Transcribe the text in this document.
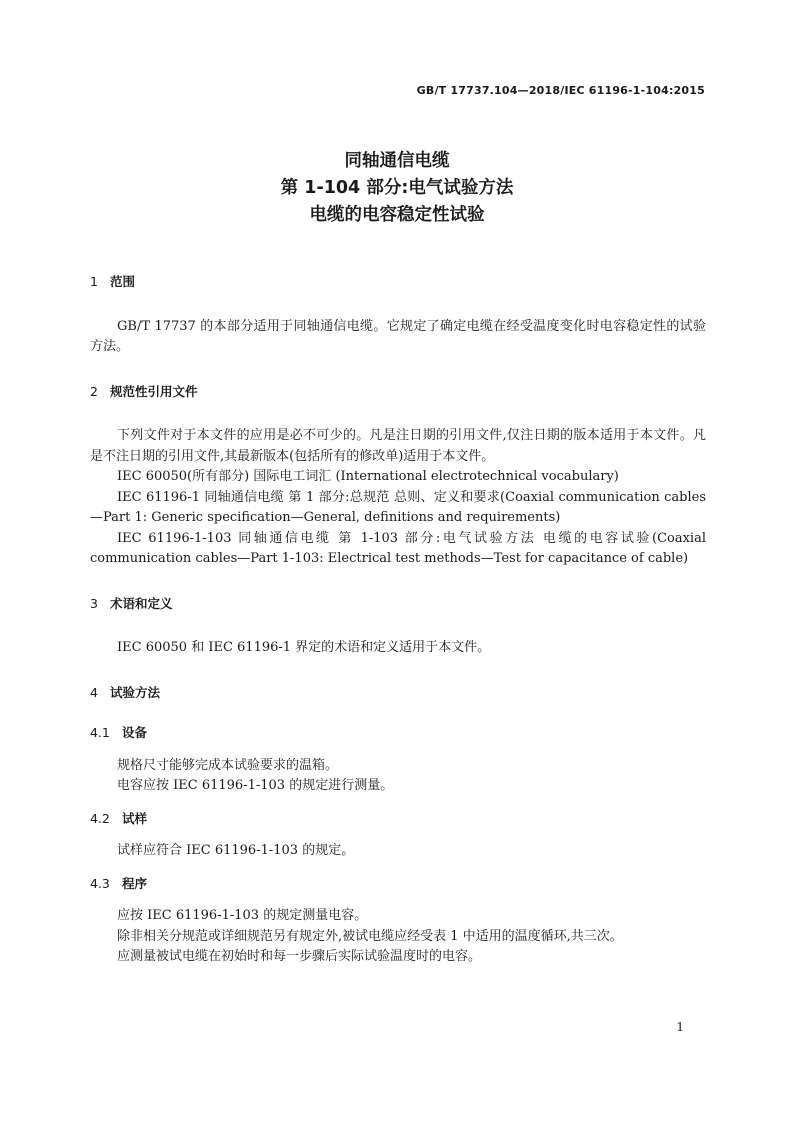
GB/T 17737.104—2018/IEC 61196-1-104:2015
同轴通信电缆
第 1-104 部分:电气试验方法
电缆的电容稳定性试验

1 范围

GB/T 17737 的本部分适用于同轴通信电缆。它规定了确定电缆在经受温度变化时电容稳定性的试验方法。

2 规范性引用文件

下列文件对于本文件的应用是必不可少的。凡是注日期的引用文件,仅注日期的版本适用于本文件。凡是不注日期的引用文件,其最新版本(包括所有的修改单)适用于本文件。

IEC 60050(所有部分) 国际电工词汇 (International electrotechnical vocabulary)

IEC 61196-1 同轴通信电缆 第 1 部分:总规范 总则、定义和要求(Coaxial communication cables—Part 1: Generic specification—General, definitions and requirements)

IEC 61196-1-103 同轴通信电缆 第 1-103 部分:电气试验方法 电缆的电容试验(Coaxial communication cables—Part 1-103: Electrical test methods—Test for capacitance of cable)

3 术语和定义

IEC 60050 和 IEC 61196-1 界定的术语和定义适用于本文件。

4 试验方法

4.1 设备

规格尺寸能够完成本试验要求的温箱。

电容应按 IEC 61196-1-103 的规定进行测量。

4.2 试样

试样应符合 IEC 61196-1-103 的规定。

4.3 程序

应按 IEC 61196-1-103 的规定测量电容。

除非相关分规范或详细规范另有规定外,被试电缆应经受表 1 中适用的温度循环,共三次。

应测量被试电缆在初始时和每一步骤后实际试验温度时的电容。

1
